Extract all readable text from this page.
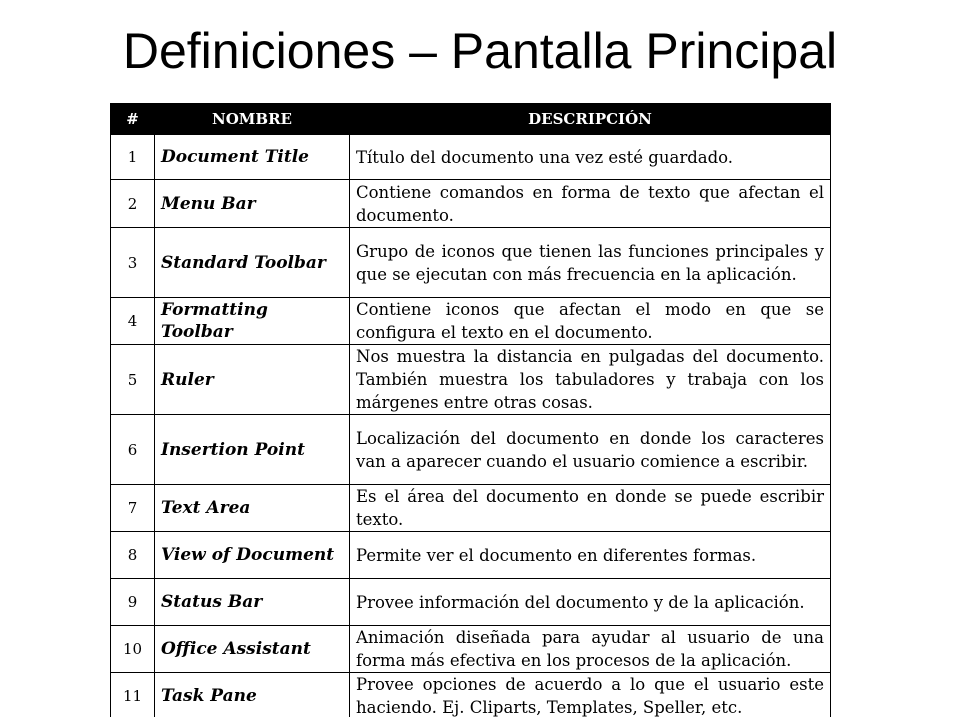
Definiciones – Pantalla Principal
#	NOMBRE	DESCRIPCIÓN
1	Document Title	Título del documento una vez esté guardado.
2	Menu Bar	Contiene comandos en forma de texto que afectan el documento.
3	Standard Toolbar	Grupo de iconos que tienen las funciones principales y que se ejecutan con más frecuencia en la aplicación.
4	Formatting Toolbar	Contiene iconos que afectan el modo en que se configura el texto en el documento.
5	Ruler	Nos muestra la distancia en pulgadas del documento. También muestra los tabuladores y trabaja con los márgenes entre otras cosas.
6	Insertion Point	Localización del documento en donde los caracteres van a aparecer cuando el usuario comience a escribir.
7	Text Area	Es el área del documento en donde se puede escribir texto.
8	View of Document	Permite ver el documento en diferentes formas.
9	Status Bar	Provee información del documento y de la aplicación.
10	Office Assistant	Animación diseñada para ayudar al usuario de una forma más efectiva en los procesos de la aplicación.
11	Task Pane	Provee opciones de acuerdo a lo que el usuario este haciendo. Ej. Cliparts, Templates, Speller, etc.
